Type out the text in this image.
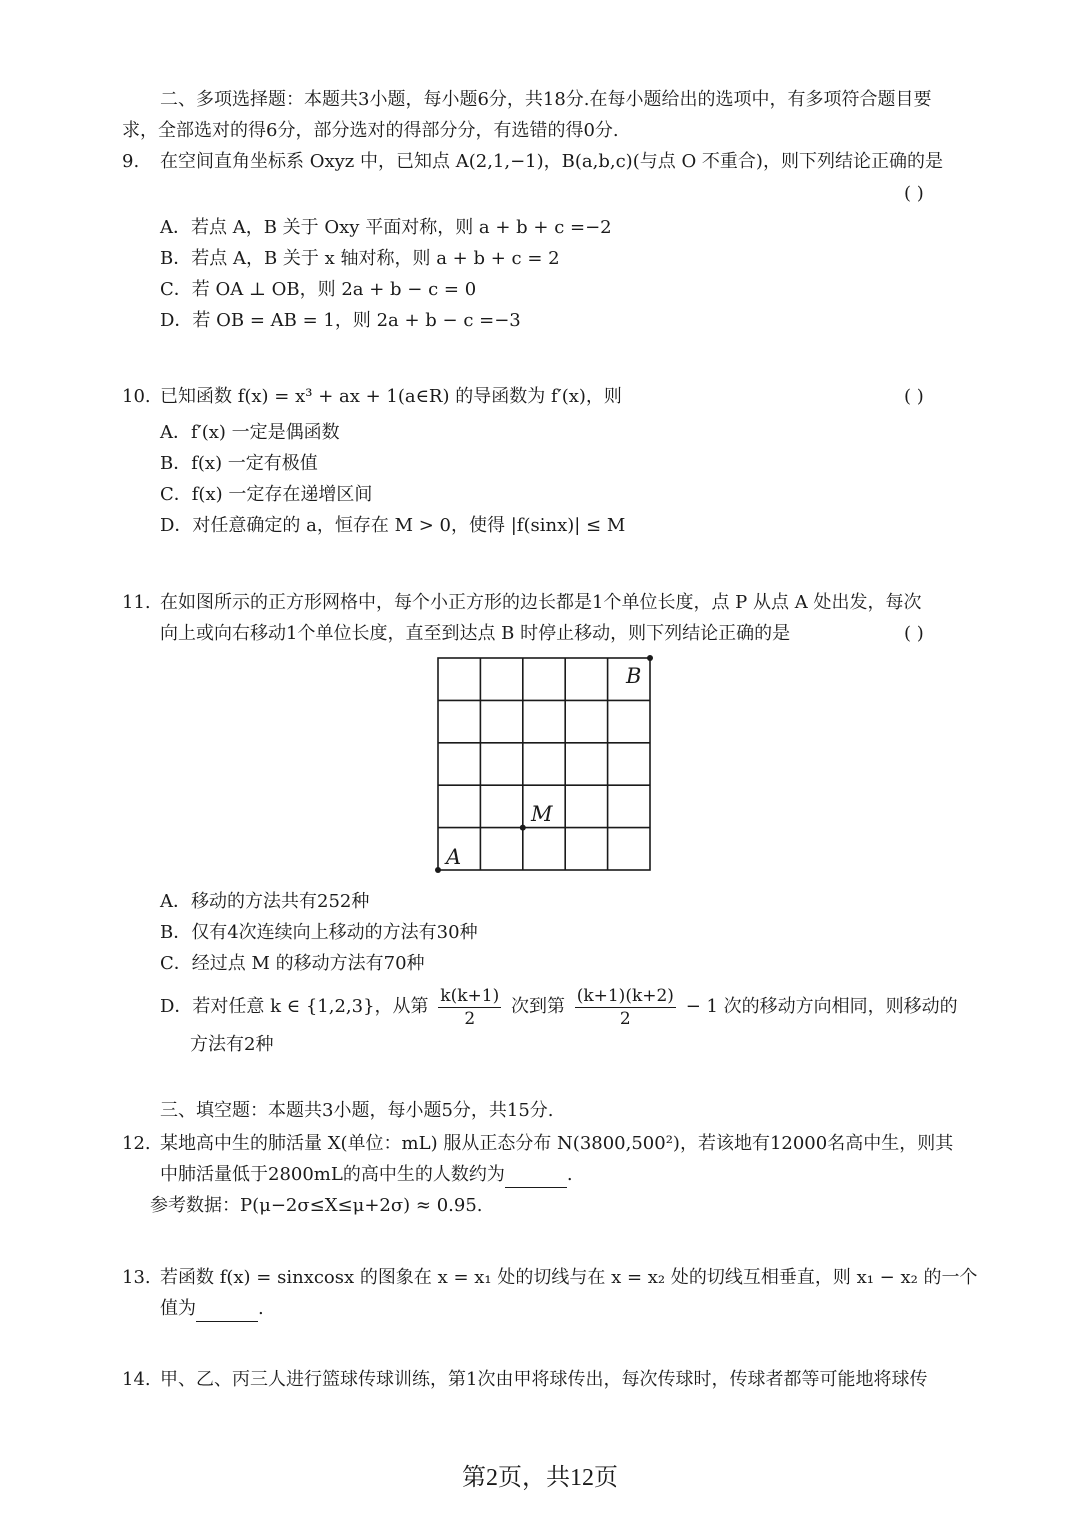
二、多项选择题：本题共3小题，每小题6分，共18分.在每小题给出的选项中，有多项符合题目要
求，全部选对的得6分，部分选对的得部分分，有选错的得0分.
9. 在空间直角坐标系 Oxyz 中，已知点 A(2,1,−1)，B(a,b,c)(与点 O 不重合)，则下列结论正确的是
( )
A．若点 A，B 关于 Oxy 平面对称，则 a + b + c =−2
B．若点 A，B 关于 x 轴对称，则 a + b + c = 2
C．若 OA ⊥ OB，则 2a + b − c = 0
D．若 OB = AB = 1，则 2a + b − c =−3
10. 已知函数 f(x) = x³ + ax + 1(a∈R) 的导函数为 f′(x)，则	( )
A．f′(x) 一定是偶函数
B．f(x) 一定有极值
C．f(x) 一定存在递增区间
D．对任意确定的 a，恒存在 M > 0，使得 |f(sinx)| ≤ M
11. 在如图所示的正方形网格中，每个小正方形的边长都是1个单位长度，点 P 从点 A 处出发，每次
向上或向右移动1个单位长度，直至到达点 B 时停止移动，则下列结论正确的是	( )
A
B
M
A．移动的方法共有252种
B．仅有4次连续向上移动的方法有30种
C．经过点 M 的移动方法有70种
D．若对任意 k ∈ {1,2,3}，从第 $\frac{k(k+1)}{2}$ 次到第 $\frac{(k+1)(k+2)}{2} - 1$ 次的移动方向相同，则移动的
方法有2种
三、填空题：本题共3小题，每小题5分，共15分.
12. 某地高中生的肺活量 X(单位：mL) 服从正态分布 N(3800,500²)，若该地有12000名高中生，则其
中肺活量低于2800mL的高中生的人数约为	.
参考数据：P(μ−2σ≤X≤μ+2σ) ≈ 0.95.
13. 若函数 f(x) = sinxcosx 的图象在 x = x₁ 处的切线与在 x = x₂ 处的切线互相垂直，则 x₁ − x₂ 的一个
值为	.
14. 甲、乙、丙三人进行篮球传球训练，第1次由甲将球传出，每次传球时，传球者都等可能地将球传
第2页，共12页
